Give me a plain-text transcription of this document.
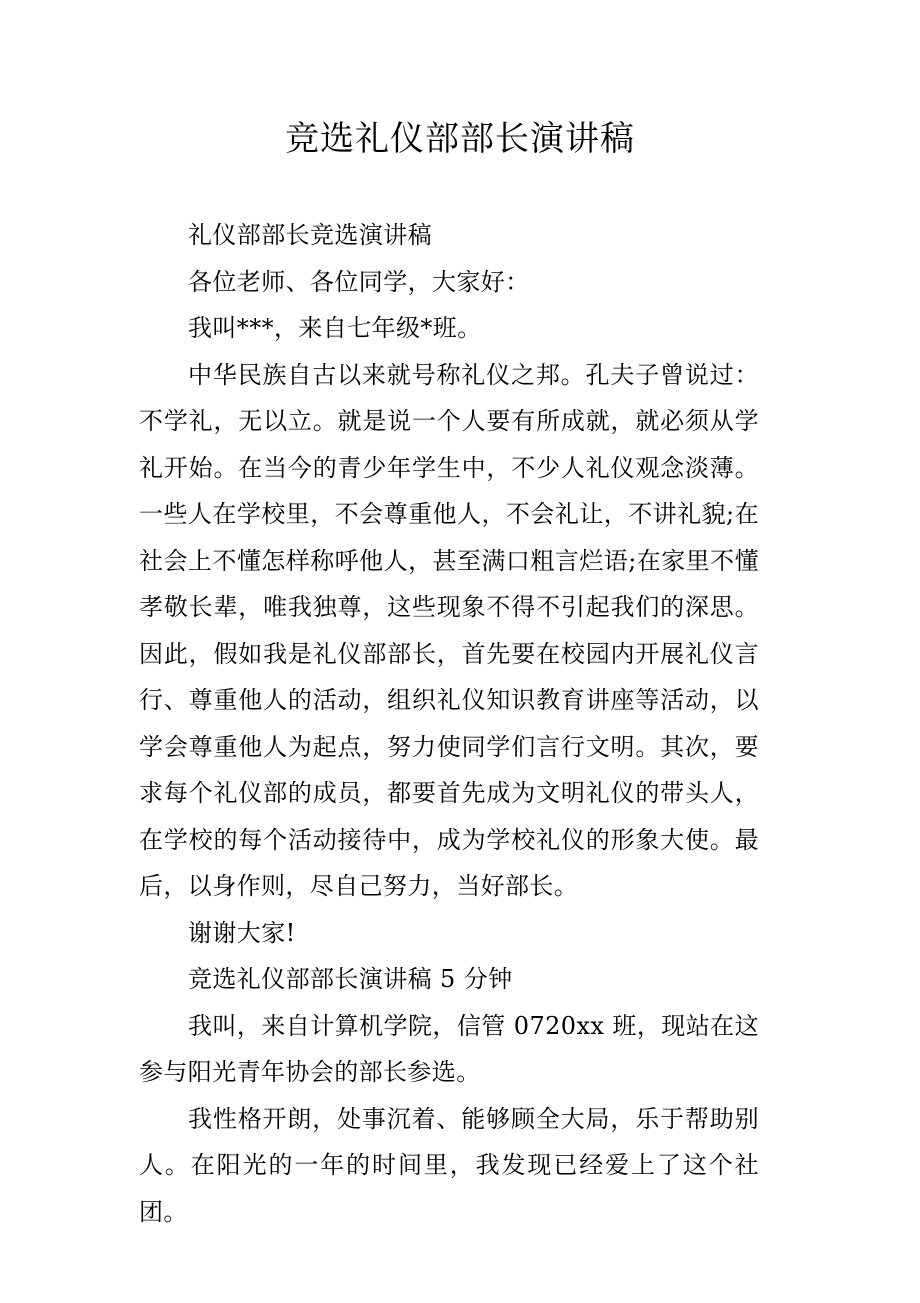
竞选礼仪部部长演讲稿

礼仪部部长竞选演讲稿

各位老师、各位同学，大家好：

我叫***，来自七年级*班。

中华民族自古以来就号称礼仪之邦。孔夫子曾说过：不学礼，无以立。就是说一个人要有所成就，就必须从学礼开始。在当今的青少年学生中，不少人礼仪观念淡薄。一些人在学校里，不会尊重他人，不会礼让，不讲礼貌;在社会上不懂怎样称呼他人，甚至满口粗言烂语;在家里不懂孝敬长辈，唯我独尊，这些现象不得不引起我们的深思。因此，假如我是礼仪部部长，首先要在校园内开展礼仪言行、尊重他人的活动，组织礼仪知识教育讲座等活动，以学会尊重他人为起点，努力使同学们言行文明。其次，要求每个礼仪部的成员，都要首先成为文明礼仪的带头人，在学校的每个活动接待中，成为学校礼仪的形象大使。最后，以身作则，尽自己努力，当好部长。

谢谢大家!

竞选礼仪部部长演讲稿 5 分钟

我叫，来自计算机学院，信管 0720xx 班，现站在这参与阳光青年协会的部长参选。

我性格开朗，处事沉着、能够顾全大局，乐于帮助别人。在阳光的一年的时间里，我发现已经爱上了这个社团。
